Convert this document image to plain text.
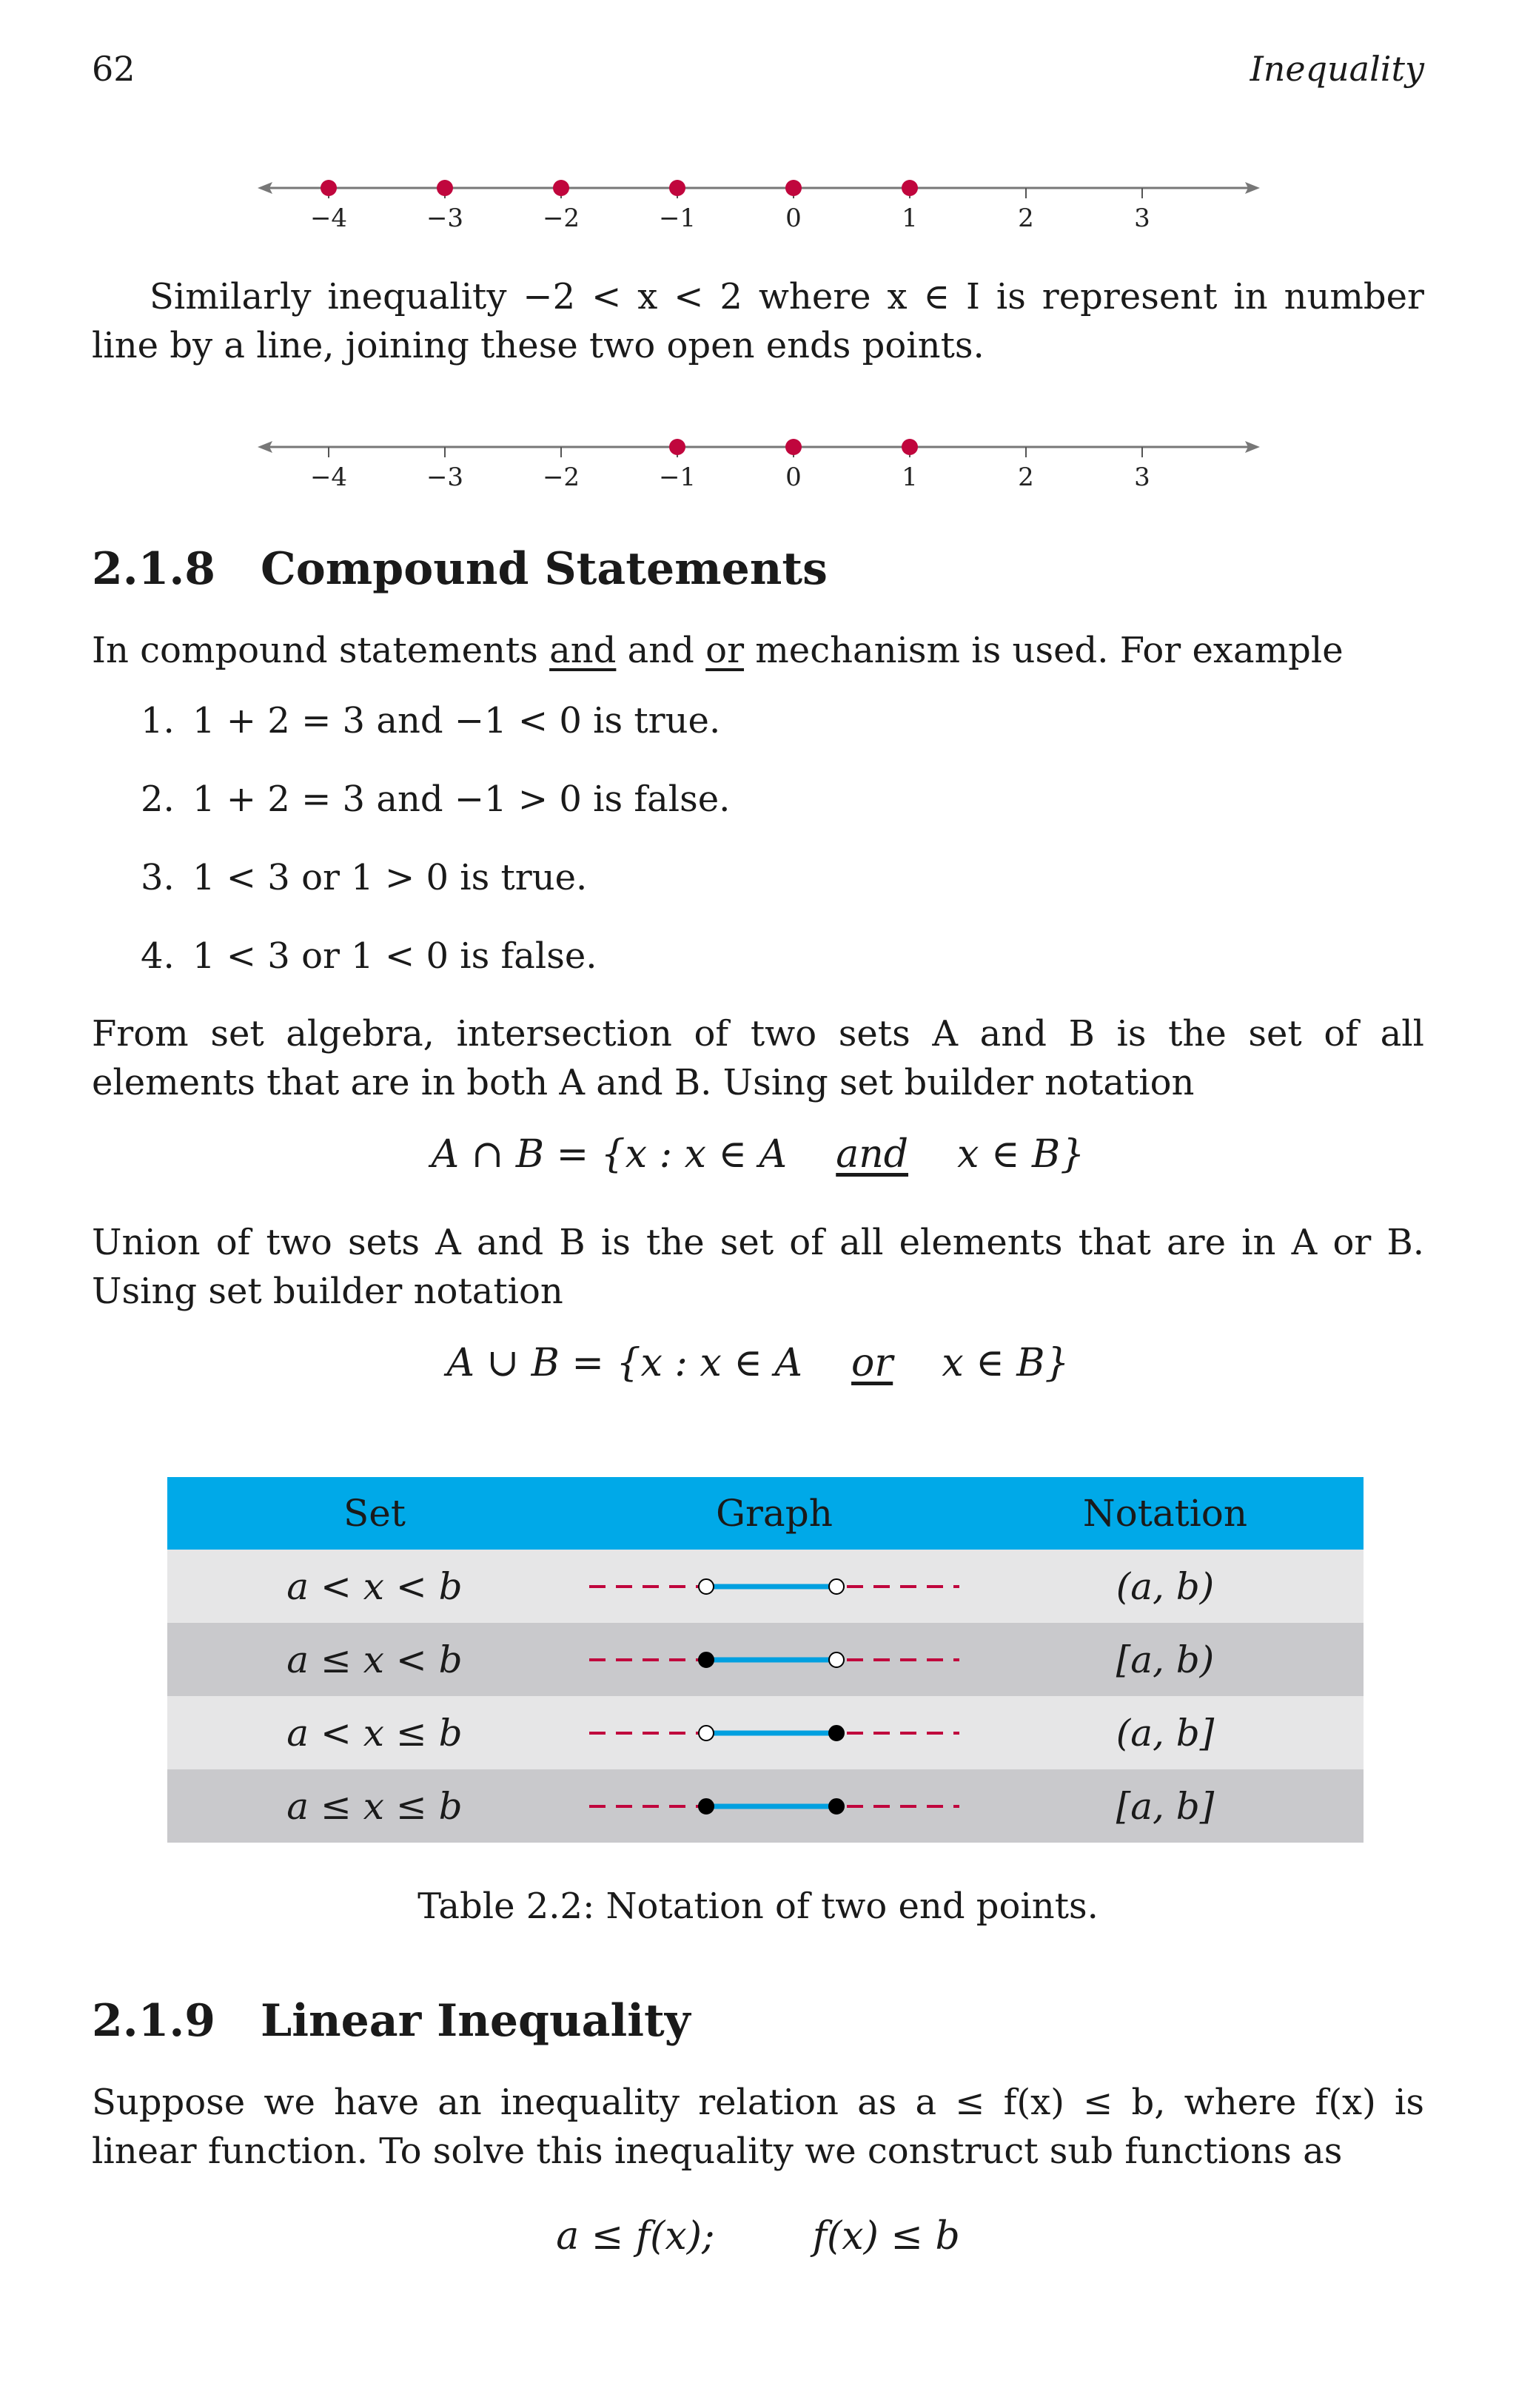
62	Inequality
−4	−3	−2	−1	0	1	2	3
Similarly inequality −2 < x < 2 where x ∈ I is represent in number line by a line, joining these two open ends points.
−4	−3	−2	−1	0	1	2	3
2.1.8 Compound Statements
In compound statements and and or mechanism is used. For example
1. 1 + 2 = 3 and −1 < 0 is true.
2. 1 + 2 = 3 and −1 > 0 is false.
3. 1 < 3 or 1 > 0 is true.
4. 1 < 3 or 1 < 0 is false.
From set algebra, intersection of two sets A and B is the set of all elements that are in both A and B. Using set builder notation
A ∩ B = {x : x ∈ A and x ∈ B}
Union of two sets A and B is the set of all elements that are in A or B. Using set builder notation
A ∪ B = {x : x ∈ A or x ∈ B}
Set	Graph	Notation
a < x < b	(a, b)
a ≤ x < b	[a, b)
a < x ≤ b	(a, b]
a ≤ x ≤ b	[a, b]
Table 2.2: Notation of two end points.
2.1.9 Linear Inequality
Suppose we have an inequality relation as a ≤ f(x) ≤ b, where f(x) is linear function. To solve this inequality we construct sub functions as
a ≤ f(x);	f(x) ≤ b
